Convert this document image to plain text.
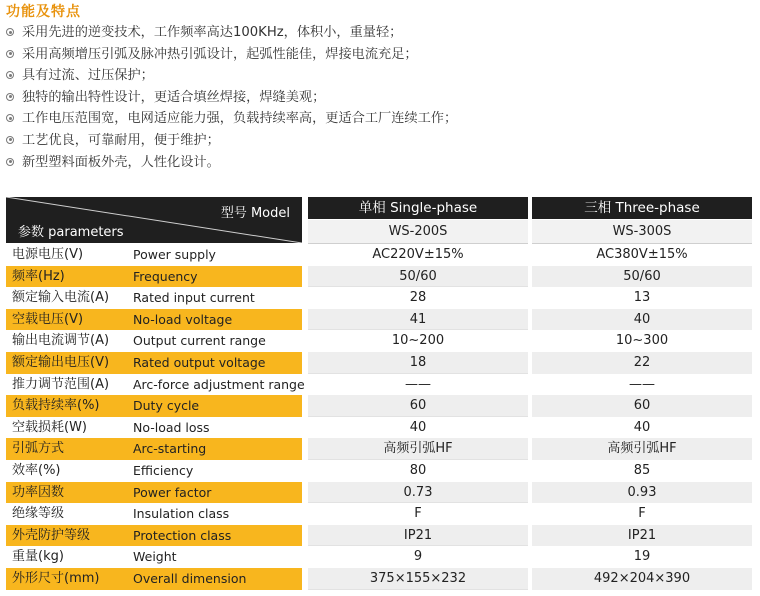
功能及特点
采用先进的逆变技术，工作频率高达100KHz，体积小，重量轻；
采用高频增压引弧及脉冲热引弧设计，起弧性能佳，焊接电流充足；
具有过流、过压保护；
独特的输出特性设计，更适合填丝焊接，焊缝美观；
工作电压范围宽，电网适应能力强，负载持续率高，更适合工厂连续工作；
工艺优良，可靠耐用，便于维护；
新型塑料面板外壳，人性化设计。
型号 Model
参数 parameters
单相 Single-phase
WS-200S
三相 Three-phase
WS-300S
电源电压(V)	Power supply	AC220V±15%	AC380V±15%
频率(Hz)	Frequency	50/60	50/60
额定输入电流(A) Rated input current	28	13
空载电压(V)	No-load voltage	41	40
输出电流调节(A) Output current range	10~200	10~300
额定输出电压(V) Rated output voltage	18	22
推力调节范围(A) Arc-force adjustment range	——	——
负载持续率(%)	Duty cycle	60	60
空载损耗(W)	No-load loss	40	40
引弧方式	Arc-starting	高频引弧HF	高频引弧HF
效率(%)	Efficiency	80	85
功率因数	Power factor	0.73	0.93
绝缘等级	Insulation class	F	F
外壳防护等级	Protection class	IP21	IP21
重量(kg)	Weight	9	19
外形尺寸(mm)	Overall dimension	375×155×232	492×204×390
